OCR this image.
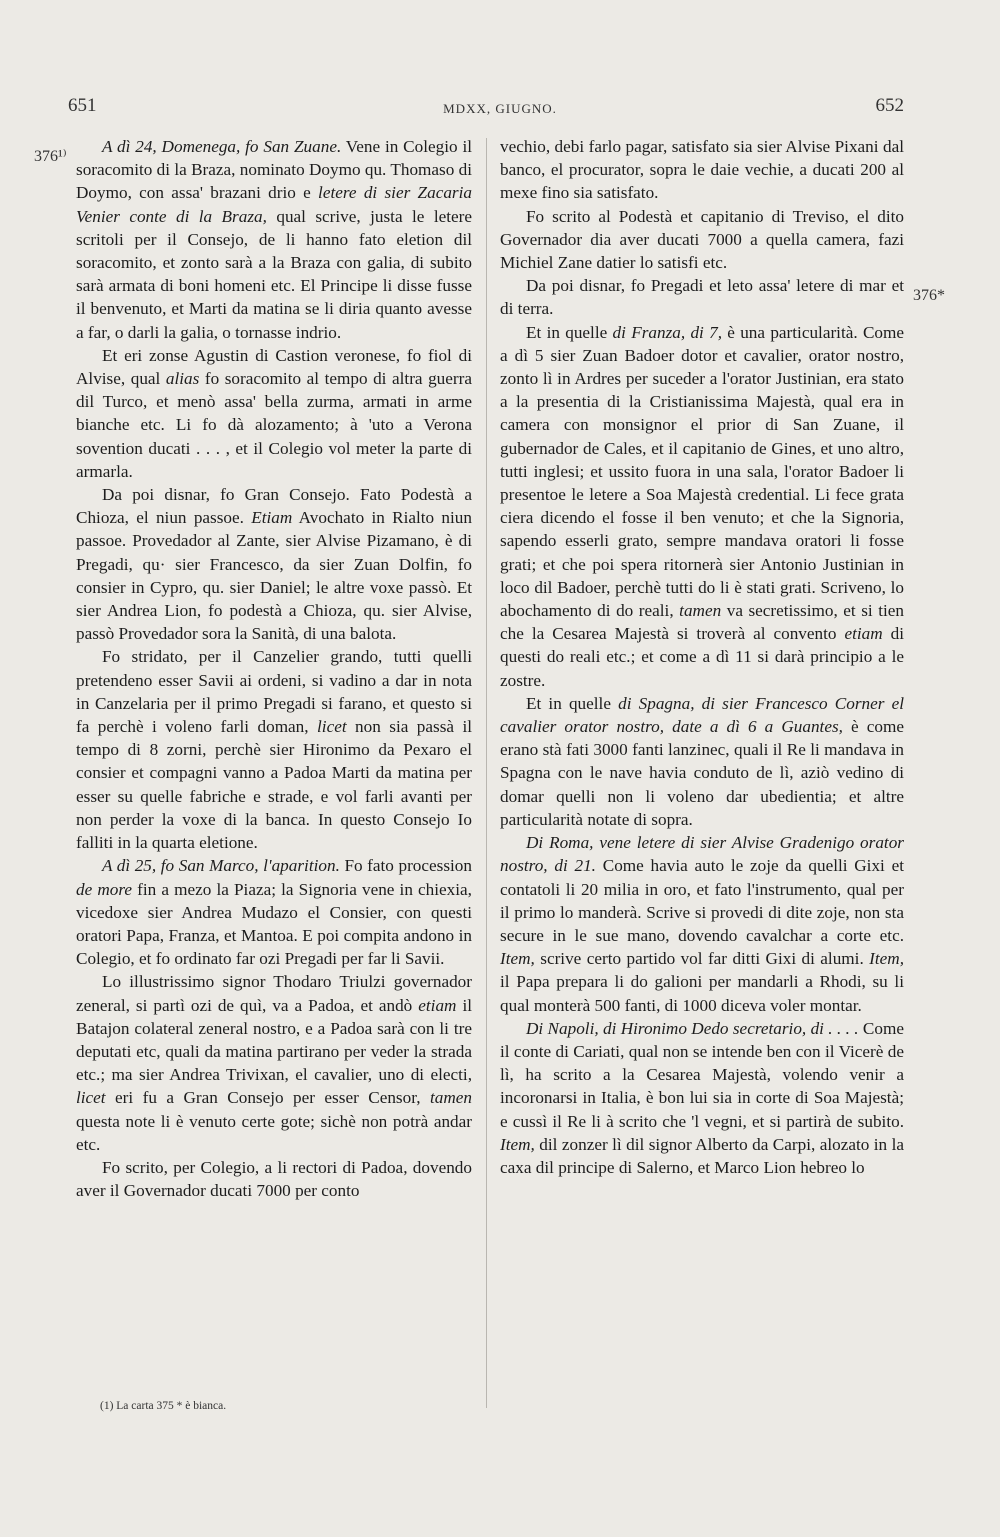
651	MDXX, GIUGNO.	652
376¹⁾
376*

A dì 24, Domenega, fo San Zuane. Vene in Colegio il soracomito di la Braza, nominato Doymo qu. Thomaso di Doymo, con assa' brazani drio e letere di sier Zacaria Venier conte di la Braza, qual scrive, justa le letere scritoli per il Consejo, de li hanno fato eletion dil soracomito, et zonto sarà a la Braza con galia, di subito sarà armata di boni homeni etc. El Principe li disse fusse il benvenuto, et Marti da matina se li diria quanto avesse a far, o darli la galia, o tornasse indrio.

Et eri zonse Agustin di Castion veronese, fo fiol di Alvise, qual alias fo soracomito al tempo di altra guerra dil Turco, et menò assa' bella zurma, armati in arme bianche etc. Li fo dà alozamento; à 'uto a Verona sovention ducati . . . , et il Colegio vol meter la parte di armarla.

Da poi disnar, fo Gran Consejo. Fato Podestà a Chioza, el niun passoe. Etiam Avochato in Rialto niun passoe. Provedador al Zante, sier Alvise Pizamano, è di Pregadi, qu· sier Francesco, da sier Zuan Dolfin, fo consier in Cypro, qu. sier Daniel; le altre voxe passò. Et sier Andrea Lion, fo podestà a Chioza, qu. sier Alvise, passò Provedador sora la Sanità, di una balota.

Fo stridato, per il Canzelier grando, tutti quelli pretendeno esser Savii ai ordeni, si vadino a dar in nota in Canzelaria per il primo Pregadi si farano, et questo si fa perchè i voleno farli doman, licet non sia passà il tempo di 8 zorni, perchè sier Hironimo da Pexaro el consier et compagni vanno a Padoa Marti da matina per esser su quelle fabriche e strade, e vol farli avanti per non perder la voxe di la banca. In questo Consejo Io falliti in la quarta eletione.

A dì 25, fo San Marco, l'aparition. Fo fato procession de more fin a mezo la Piaza; la Signoria vene in chiexia, vicedoxe sier Andrea Mudazo el Consier, con questi oratori Papa, Franza, et Mantoa. E poi compita andono in Colegio, et fo ordinato far ozi Pregadi per far li Savii.

Lo illustrissimo signor Thodaro Triulzi governador zeneral, si partì ozi de quì, va a Padoa, et andò etiam il Batajon colateral zeneral nostro, e a Padoa sarà con li tre deputati etc, quali da matina partirano per veder la strada etc.; ma sier Andrea Trivixan, el cavalier, uno di electi, licet eri fu a Gran Consejo per esser Censor, tamen questa note li è venuto certe gote; sichè non potrà andar etc.

Fo scrito, per Colegio, a li rectori di Padoa, dovendo aver il Governador ducati 7000 per conto

vechio, debi farlo pagar, satisfato sia sier Alvise Pixani dal banco, el procurator, sopra le daie vechie, a ducati 200 al mexe fino sia satisfato.

Fo scrito al Podestà et capitanio di Treviso, el dito Governador dia aver ducati 7000 a quella camera, fazi Michiel Zane datier lo satisfi etc.

Da poi disnar, fo Pregadi et leto assa' letere di mar et di terra.

Et in quelle di Franza, di 7, è una particularità. Come a dì 5 sier Zuan Badoer dotor et cavalier, orator nostro, zonto lì in Ardres per suceder a l'orator Justinian, era stato a la presentia di la Cristianissima Majestà, qual era in camera con monsignor el prior di San Zuane, il gubernador de Cales, et il capitanio de Gines, et uno altro, tutti inglesi; et ussito fuora in una sala, l'orator Badoer li presentoe le letere a Soa Majestà credential. Li fece grata ciera dicendo el fosse il ben venuto; et che la Signoria, sapendo esserli grato, sempre mandava oratori li fosse grati; et che poi spera ritornerà sier Antonio Justinian in loco dil Badoer, perchè tutti do li è stati grati. Scriveno, lo abochamento di do reali, tamen va secretissimo, et si tien che la Cesarea Majestà si troverà al convento etiam di questi do reali etc.; et come a dì 11 si darà principio a le zostre.

Et in quelle di Spagna, di sier Francesco Corner el cavalier orator nostro, date a dì 6 a Guantes, è come erano stà fati 3000 fanti lanzinec, quali il Re li mandava in Spagna con le nave havia conduto de lì, aziò vedino di domar quelli non li voleno dar ubedientia; et altre particularità notate di sopra.

Di Roma, vene letere di sier Alvise Gradenigo orator nostro, di 21. Come havia auto le zoje da quelli Gixi et contatoli li 20 milia in oro, et fato l'instrumento, qual per il primo lo manderà. Scrive si provedi di dite zoje, non sta secure in le sue mano, dovendo cavalchar a corte etc. Item, scrive certo partido vol far ditti Gixi di alumi. Item, il Papa prepara li do galioni per mandarli a Rhodi, su li qual monterà 500 fanti, di 1000 diceva voler montar.

Di Napoli, di Hironimo Dedo secretario, di . . . . Come il conte di Cariati, qual non se intende ben con il Vicerè de lì, ha scrito a la Cesarea Majestà, volendo venir a incoronarsi in Italia, è bon lui sia in corte di Soa Majestà; e cussì il Re li à scrito che 'l vegni, et si partirà de subito. Item, dil zonzer lì dil signor Alberto da Carpi, alozato in la caxa dil principe di Salerno, et Marco Lion hebreo lo

(1) La carta 375 * è bianca.
